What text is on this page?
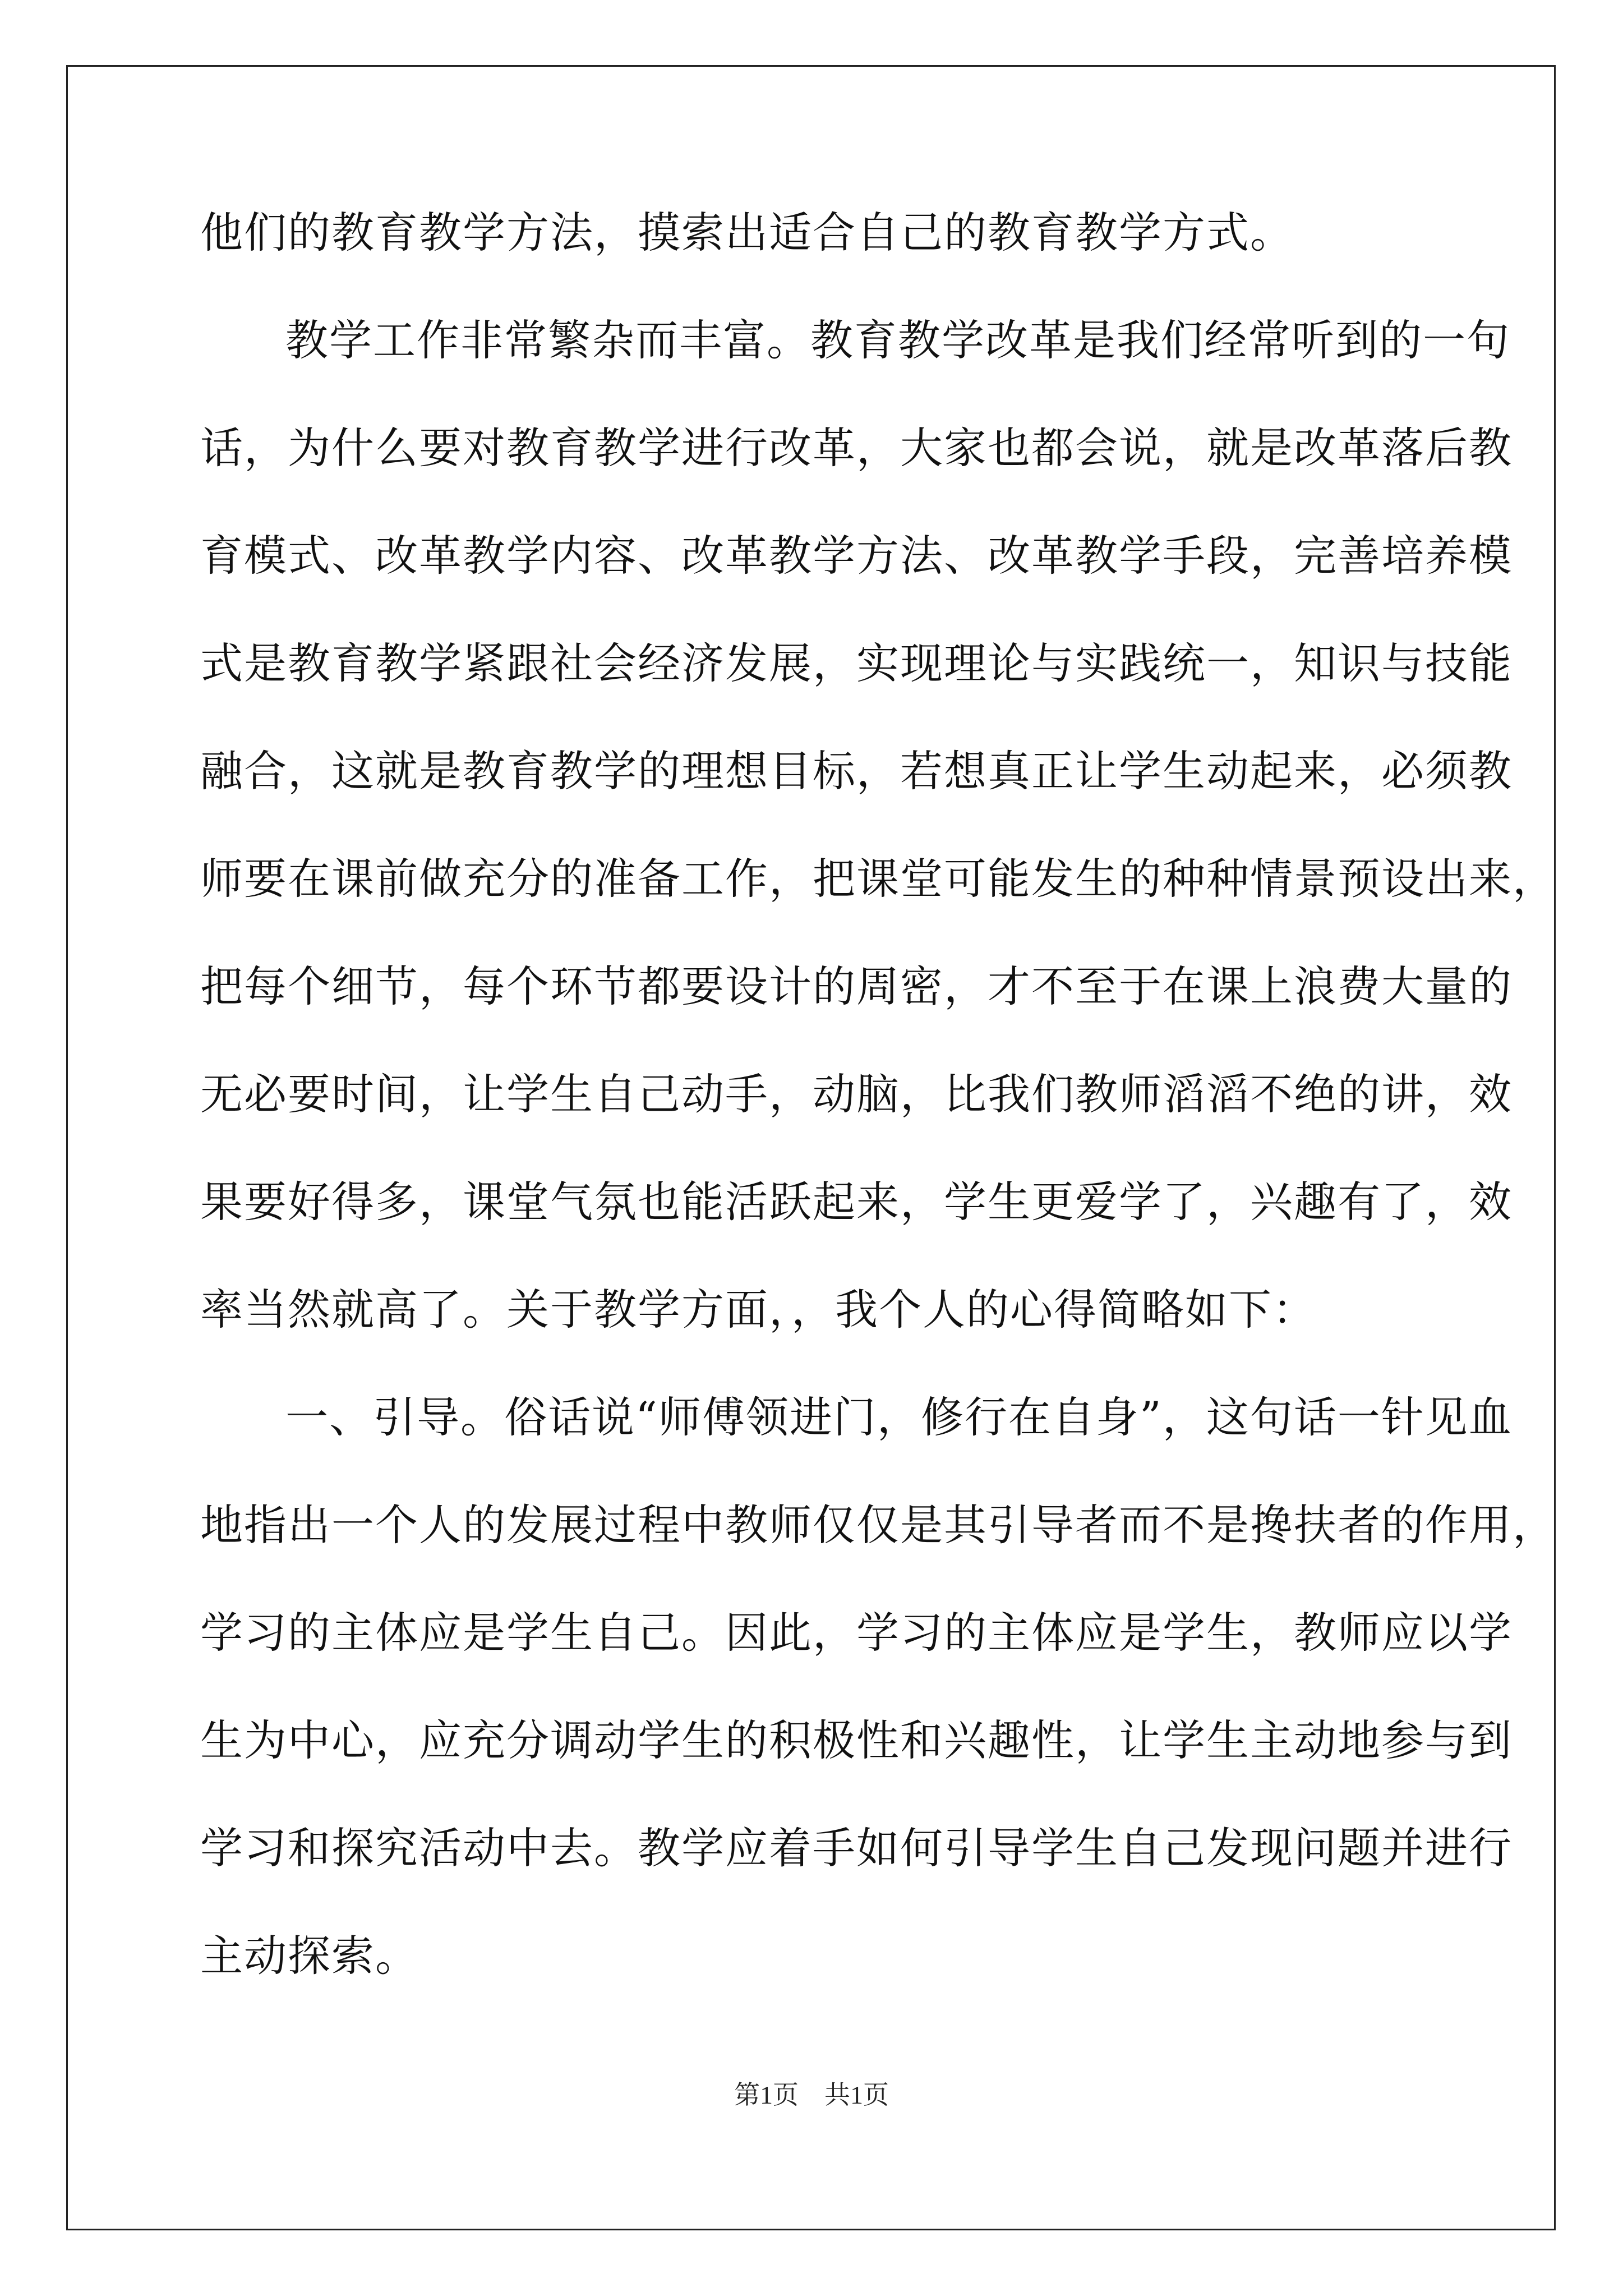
他们的教育教学方法，摸索出适合自己的教育教学方式。
教学工作非常繁杂而丰富。教育教学改革是我们经常听到的一句
话，为什么要对教育教学进行改革，大家也都会说，就是改革落后教
育模式、改革教学内容、改革教学方法、改革教学手段，完善培养模
式是教育教学紧跟社会经济发展，实现理论与实践统一，知识与技能
融合，这就是教育教学的理想目标，若想真正让学生动起来，必须教
师要在课前做充分的准备工作，把课堂可能发生的种种情景预设出来，
把每个细节，每个环节都要设计的周密，才不至于在课上浪费大量的
无必要时间，让学生自己动手，动脑，比我们教师滔滔不绝的讲，效
果要好得多，课堂气氛也能活跃起来，学生更爱学了，兴趣有了，效
率当然就高了。关于教学方面，，我个人的心得简略如下：
一、引导。俗话说“师傅领进门，修行在自身”，这句话一针见血
地指出一个人的发展过程中教师仅仅是其引导者而不是搀扶者的作用，
学习的主体应是学生自己。因此，学习的主体应是学生，教师应以学
生为中心，应充分调动学生的积极性和兴趣性，让学生主动地参与到
学习和探究活动中去。教学应着手如何引导学生自己发现问题并进行
主动探索。
第1页　共1页
